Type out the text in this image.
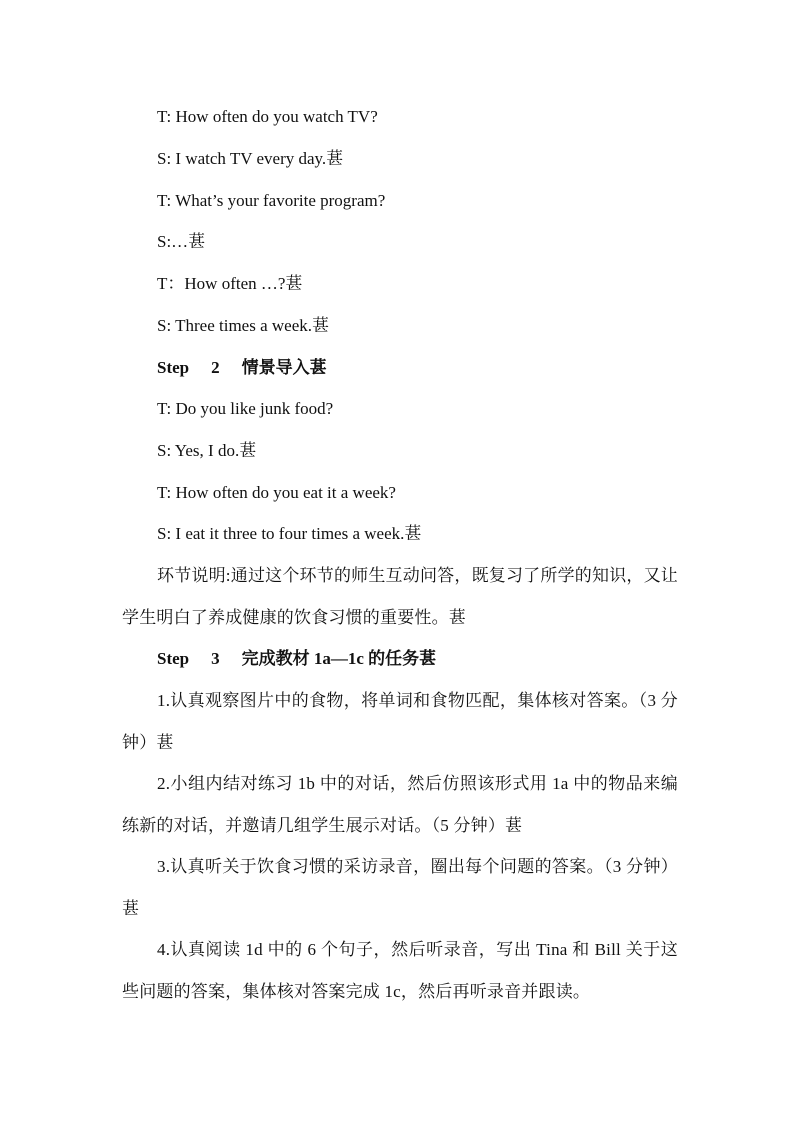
T: How often do you watch TV?
S: I watch TV every day.葚
T: What’s your favorite program?
S:…葚
T：How often …?葚
S: Three times a week.葚
Step 2 情景导入葚
T: Do you like junk food?
S: Yes, I do.葚
T: How often do you eat it a week?
S: I eat it three to four times a week.葚
环节说明:通过这个环节的师生互动问答，既复习了所学的知识，又让学生明白了养成健康的饮食习惯的重要性。葚
Step 3 完成教材 1a—1c 的任务葚
1.认真观察图片中的食物，将单词和食物匹配，集体核对答案。（3 分钟）葚
2.小组内结对练习 1b 中的对话，然后仿照该形式用 1a 中的物品来编练新的对话，并邀请几组学生展示对话。（5 分钟）葚
3.认真听关于饮食习惯的采访录音，圈出每个问题的答案。（3 分钟）葚
4.认真阅读 1d 中的 6 个句子，然后听录音，写出 Tina 和 Bill 关于这些问题的答案，集体核对答案完成 1c，然后再听录音并跟读。
